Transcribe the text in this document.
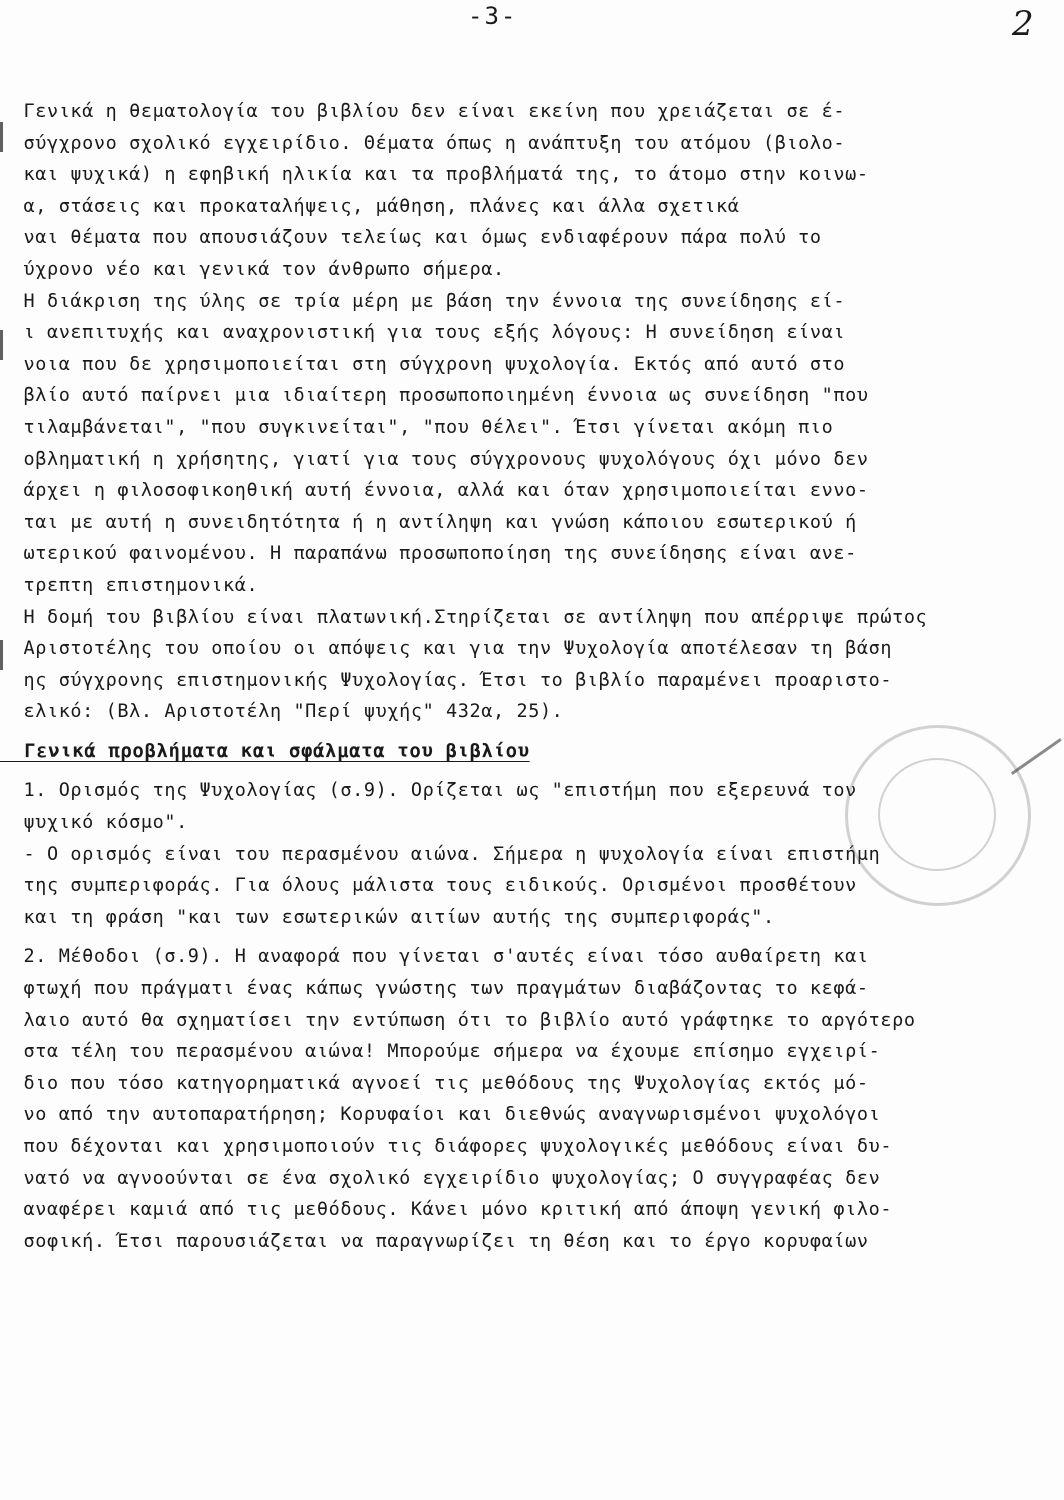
-3-	2
Γενικά η θεματολογία του βιβλίου δεν είναι εκείνη που χρειάζεται σε έ-
σύγχρονο σχολικό εγχειρίδιο. Θέματα όπως η ανάπτυξη του ατόμου (βιολο-
και ψυχικά) η εφηβική ηλικία και τα προβλήματά της, το άτομο στην κοινω-
α, στάσεις και προκαταλήψεις, μάθηση, πλάνες και άλλα σχετικά
ναι θέματα που απουσιάζουν τελείως και όμως ενδιαφέρουν πάρα πολύ το
ύχρονο νέο και γενικά τον άνθρωπο σήμερα.
Η διάκριση της ύλης σε τρία μέρη με βάση την έννοια της συνείδησης εί-
ι ανεπιτυχής και αναχρονιστική για τους εξής λόγους: Η συνείδηση είναι
νοια που δε χρησιμοποιείται στη σύγχρονη ψυχολογία. Εκτός από αυτό στο
βλίο αυτό παίρνει μια ιδιαίτερη προσωποποιημένη έννοια ως συνείδηση "που
τιλαμβάνεται", "που συγκινείται", "που θέλει". Έτσι γίνεται ακόμη πιο
οβληματική η χρήσητης, γιατί για τους σύγχρονους ψυχολόγους όχι μόνο δεν
άρχει η φιλοσοφικοηθική αυτή έννοια, αλλά και όταν χρησιμοποιείται εννο-
ται με αυτή η συνειδητότητα ή η αντίληψη και γνώση κάποιου εσωτερικού ή
ωτερικού φαινομένου. Η παραπάνω προσωποποίηση της συνείδησης είναι ανε-
τρεπτη επιστημονικά.
Η δομή του βιβλίου είναι πλατωνική.Στηρίζεται σε αντίληψη που απέρριψε πρώτος
Αριστοτέλης του οποίου οι απόψεις και για την Ψυχολογία αποτέλεσαν τη βάση
ης σύγχρονης επιστημονικής Ψυχολογίας. Έτσι το βιβλίο παραμένει προαριστο-
ελικό: (Βλ. Αριστοτέλη "Περί ψυχής" 432α, 25).
Γενικά προβλήματα και σφάλματα του βιβλίου
1. Ορισμός της Ψυχολογίας (σ.9). Ορίζεται ως "επιστήμη που εξερευνά τον
ψυχικό κόσμο".
- Ο ορισμός είναι του περασμένου αιώνα. Σήμερα η ψυχολογία είναι επιστήμη
της συμπεριφοράς. Για όλους μάλιστα τους ειδικούς. Ορισμένοι προσθέτουν
και τη φράση "και των εσωτερικών αιτίων αυτής της συμπεριφοράς".
2. Μέθοδοι (σ.9). Η αναφορά που γίνεται σ'αυτές είναι τόσο αυθαίρετη και
φτωχή που πράγματι ένας κάπως γνώστης των πραγμάτων διαβάζοντας το κεφά-
λαιο αυτό θα σχηματίσει την εντύπωση ότι το βιβλίο αυτό γράφτηκε το αργότερο
στα τέλη του περασμένου αιώνα! Μπορούμε σήμερα να έχουμε επίσημο εγχειρί-
διο που τόσο κατηγορηματικά αγνοεί τις μεθόδους της Ψυχολογίας εκτός μό-
νο από την αυτοπαρατήρηση; Κορυφαίοι και διεθνώς αναγνωρισμένοι ψυχολόγοι
που δέχονται και χρησιμοποιούν τις διάφορες ψυχολογικές μεθόδους είναι δυ-
νατό να αγνοούνται σε ένα σχολικό εγχειρίδιο ψυχολογίας; Ο συγγραφέας δεν
αναφέρει καμιά από τις μεθόδους. Κάνει μόνο κριτική από άποψη γενική φιλο-
σοφική. Έτσι παρουσιάζεται να παραγνωρίζει τη θέση και το έργο κορυφαίων
